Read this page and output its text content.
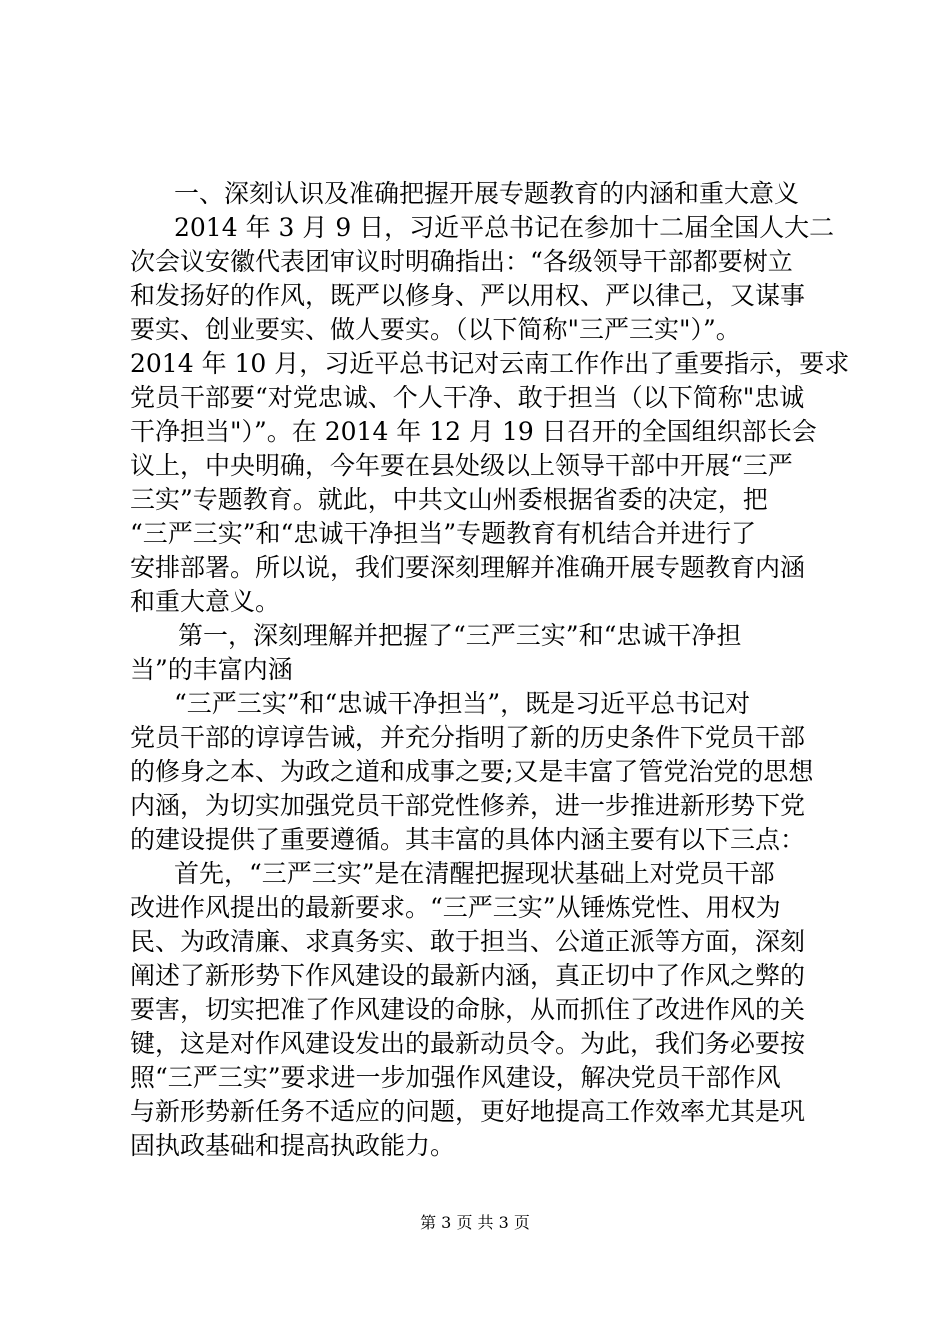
一、深刻认识及准确把握开展专题教育的内涵和重大意义
2014 年 3 月 9 日，习近平总书记在参加十二届全国人大二
次会议安徽代表团审议时明确指出：“各级领导干部都要树立
和发扬好的作风，既严以修身、严以用权、严以律己，又谋事
要实、创业要实、做人要实。（以下简称"三严三实"）”。
2014 年 10 月，习近平总书记对云南工作作出了重要指示，要求
党员干部要“对党忠诚、个人干净、敢于担当（以下简称"忠诚
干净担当"）”。在 2014 年 12 月 19 日召开的全国组织部长会
议上，中央明确，今年要在县处级以上领导干部中开展“三严
三实”专题教育。就此，中共文山州委根据省委的决定，把
“三严三实”和“忠诚干净担当”专题教育有机结合并进行了
安排部署。所以说，我们要深刻理解并准确开展专题教育内涵
和重大意义。
第一，深刻理解并把握了“三严三实”和“忠诚干净担
当”的丰富内涵
“三严三实”和“忠诚干净担当”，既是习近平总书记对
党员干部的谆谆告诫，并充分指明了新的历史条件下党员干部
的修身之本、为政之道和成事之要;又是丰富了管党治党的思想
内涵，为切实加强党员干部党性修养，进一步推进新形势下党
的建设提供了重要遵循。其丰富的具体内涵主要有以下三点：
首先，“三严三实”是在清醒把握现状基础上对党员干部
改进作风提出的最新要求。“三严三实”从锤炼党性、用权为
民、为政清廉、求真务实、敢于担当、公道正派等方面，深刻
阐述了新形势下作风建设的最新内涵，真正切中了作风之弊的
要害，切实把准了作风建设的命脉，从而抓住了改进作风的关
键，这是对作风建设发出的最新动员令。为此，我们务必要按
照“三严三实”要求进一步加强作风建设，解决党员干部作风
与新形势新任务不适应的问题，更好地提高工作效率尤其是巩
固执政基础和提高执政能力。
第 3 页 共 3 页
